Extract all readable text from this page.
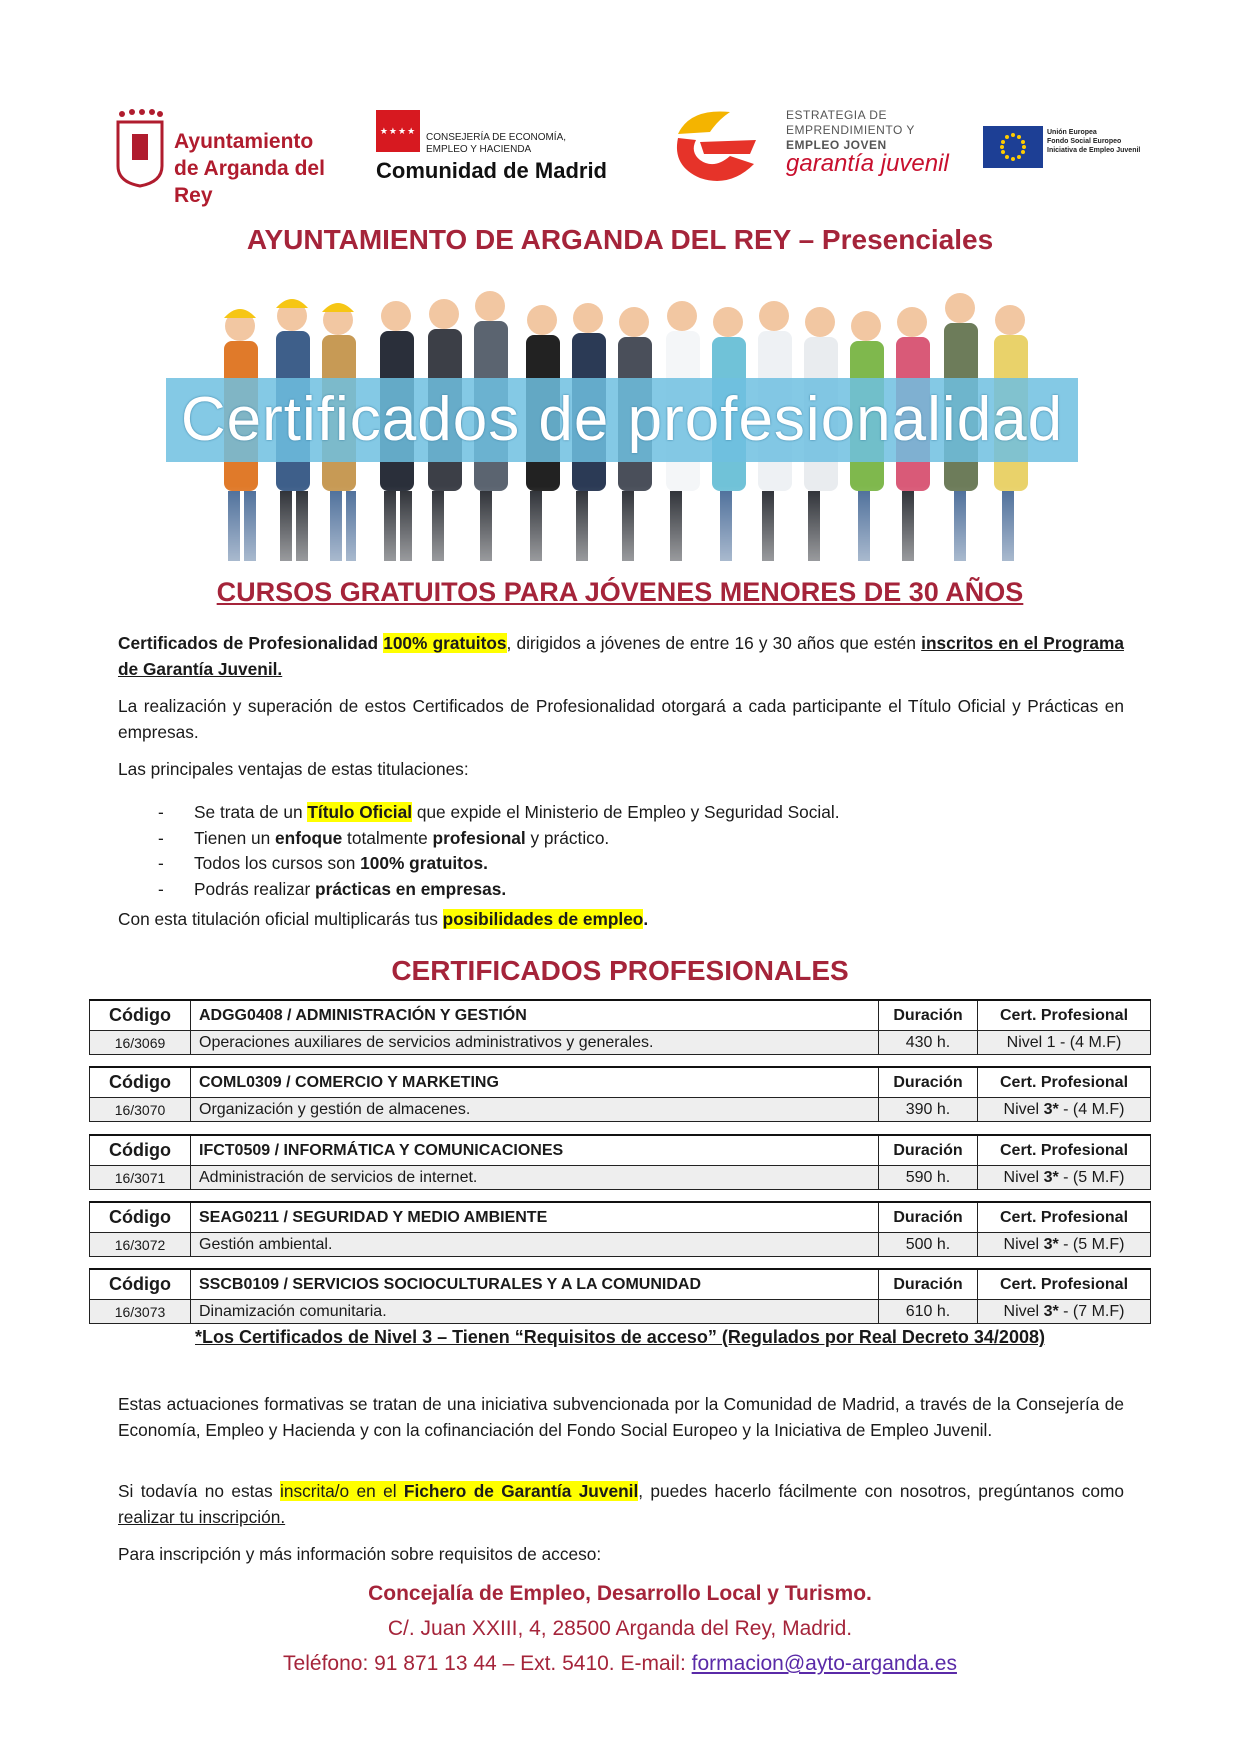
Ayuntamiento
de Arganda del Rey
★★★★
CONSEJERÍA DE ECONOMÍA, EMPLEO Y HACIENDA
Comunidad de Madrid
ESTRATEGIA DE
EMPRENDIMIENTO Y
EMPLEO JOVEN
garantía juvenil
Unión Europea
Fondo Social Europeo
Iniciativa de Empleo Juvenil
AYUNTAMIENTO DE ARGANDA DEL REY – Presenciales
Certificados de profesionalidad
CURSOS GRATUITOS PARA JÓVENES MENORES DE 30 AÑOS
Certificados de Profesionalidad 100% gratuitos, dirigidos a jóvenes de entre 16 y 30 años que estén inscritos en el Programa de Garantía Juvenil.
La realización y superación de estos Certificados de Profesionalidad otorgará a cada participante el Título Oficial y Prácticas en empresas.
Las principales ventajas de estas titulaciones:
- Se trata de un Título Oficial que expide el Ministerio de Empleo y Seguridad Social.
- Tienen un enfoque totalmente profesional y práctico.
- Todos los cursos son 100% gratuitos.
- Podrás realizar prácticas en empresas.
Con esta titulación oficial multiplicarás tus posibilidades de empleo.
CERTIFICADOS PROFESIONALES
Código	ADGG0408 / ADMINISTRACIÓN Y GESTIÓN	Duración	Cert. Profesional
16/3069	Operaciones auxiliares de servicios administrativos y generales.	430 h.	Nivel 1 - (4 M.F)
Código	COML0309 / COMERCIO Y MARKETING	Duración	Cert. Profesional
16/3070	Organización y gestión de almacenes.	390 h.	Nivel 3* - (4 M.F)
Código	IFCT0509 / INFORMÁTICA Y COMUNICACIONES	Duración	Cert. Profesional
16/3071	Administración de servicios de internet.	590 h.	Nivel 3* - (5 M.F)
Código	SEAG0211 / SEGURIDAD Y MEDIO AMBIENTE	Duración	Cert. Profesional
16/3072	Gestión ambiental.	500 h.	Nivel 3* - (5 M.F)
Código	SSCB0109 / SERVICIOS SOCIOCULTURALES Y A LA COMUNIDAD	Duración	Cert. Profesional
16/3073	Dinamización comunitaria.	610 h.	Nivel 3* - (7 M.F)
*Los Certificados de Nivel 3 – Tienen “Requisitos de acceso” (Regulados por Real Decreto 34/2008)
Estas actuaciones formativas se tratan de una iniciativa subvencionada por la Comunidad de Madrid, a través de la Consejería de Economía, Empleo y Hacienda y con la cofinanciación del Fondo Social Europeo y la Iniciativa de Empleo Juvenil.
Si todavía no estas inscrita/o en el Fichero de Garantía Juvenil, puedes hacerlo fácilmente con nosotros, pregúntanos como realizar tu inscripción.
Para inscripción y más información sobre requisitos de acceso:
Concejalía de Empleo, Desarrollo Local y Turismo.
C/. Juan XXIII, 4, 28500 Arganda del Rey, Madrid.
Teléfono: 91 871 13 44 – Ext. 5410. E-mail: formacion@ayto-arganda.es
